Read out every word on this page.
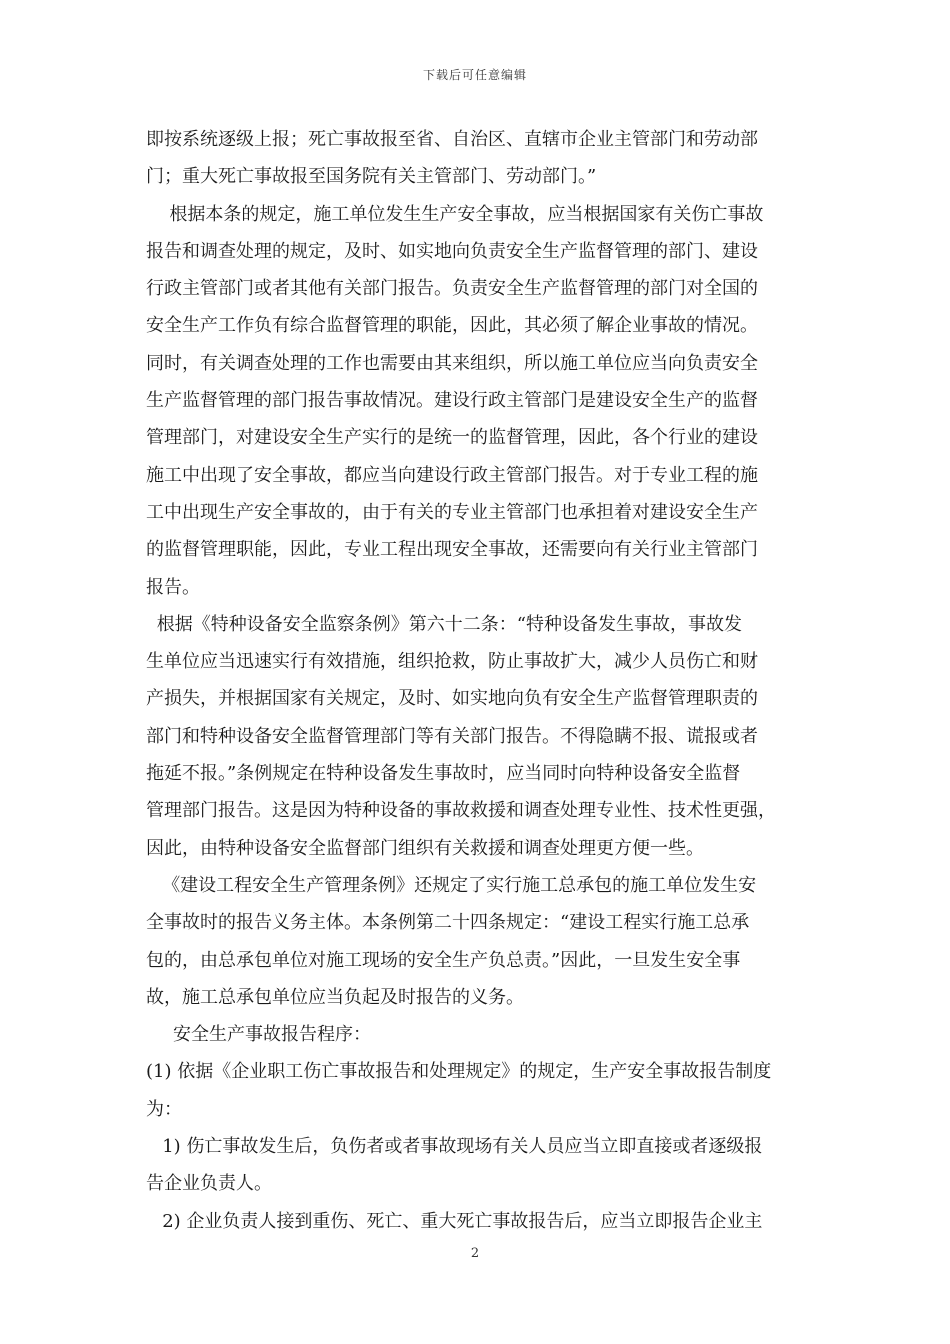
下载后可任意编辑
即按系统逐级上报；死亡事故报至省、自治区、直辖市企业主管部门和劳动部
门；重大死亡事故报至国务院有关主管部门、劳动部门。”
根据本条的规定，施工单位发生生产安全事故，应当根据国家有关伤亡事故
报告和调查处理的规定，及时、如实地向负责安全生产监督管理的部门、建设
行政主管部门或者其他有关部门报告。负责安全生产监督管理的部门对全国的
安全生产工作负有综合监督管理的职能，因此，其必须了解企业事故的情况。
同时，有关调查处理的工作也需要由其来组织，所以施工单位应当向负责安全
生产监督管理的部门报告事故情况。建设行政主管部门是建设安全生产的监督
管理部门，对建设安全生产实行的是统一的监督管理，因此，各个行业的建设
施工中出现了安全事故，都应当向建设行政主管部门报告。对于专业工程的施
工中出现生产安全事故的，由于有关的专业主管部门也承担着对建设安全生产
的监督管理职能，因此，专业工程出现安全事故，还需要向有关行业主管部门
报告。
根据《特种设备安全监察条例》第六十二条：“特种设备发生事故，事故发
生单位应当迅速实行有效措施，组织抢救，防止事故扩大，减少人员伤亡和财
产损失，并根据国家有关规定，及时、如实地向负有安全生产监督管理职责的
部门和特种设备安全监督管理部门等有关部门报告。不得隐瞒不报、谎报或者
拖延不报。”条例规定在特种设备发生事故时，应当同时向特种设备安全监督
管理部门报告。这是因为特种设备的事故救援和调查处理专业性、技术性更强，
因此，由特种设备安全监督部门组织有关救援和调查处理更方便一些。
《建设工程安全生产管理条例》还规定了实行施工总承包的施工单位发生安
全事故时的报告义务主体。本条例第二十四条规定：“建设工程实行施工总承
包的，由总承包单位对施工现场的安全生产负总责。”因此，一旦发生安全事
故，施工总承包单位应当负起及时报告的义务。
安全生产事故报告程序：
(1) 依据《企业职工伤亡事故报告和处理规定》的规定，生产安全事故报告制度
为：
1) 伤亡事故发生后，负伤者或者事故现场有关人员应当立即直接或者逐级报
告企业负责人。
2) 企业负责人接到重伤、死亡、重大死亡事故报告后，应当立即报告企业主
2
